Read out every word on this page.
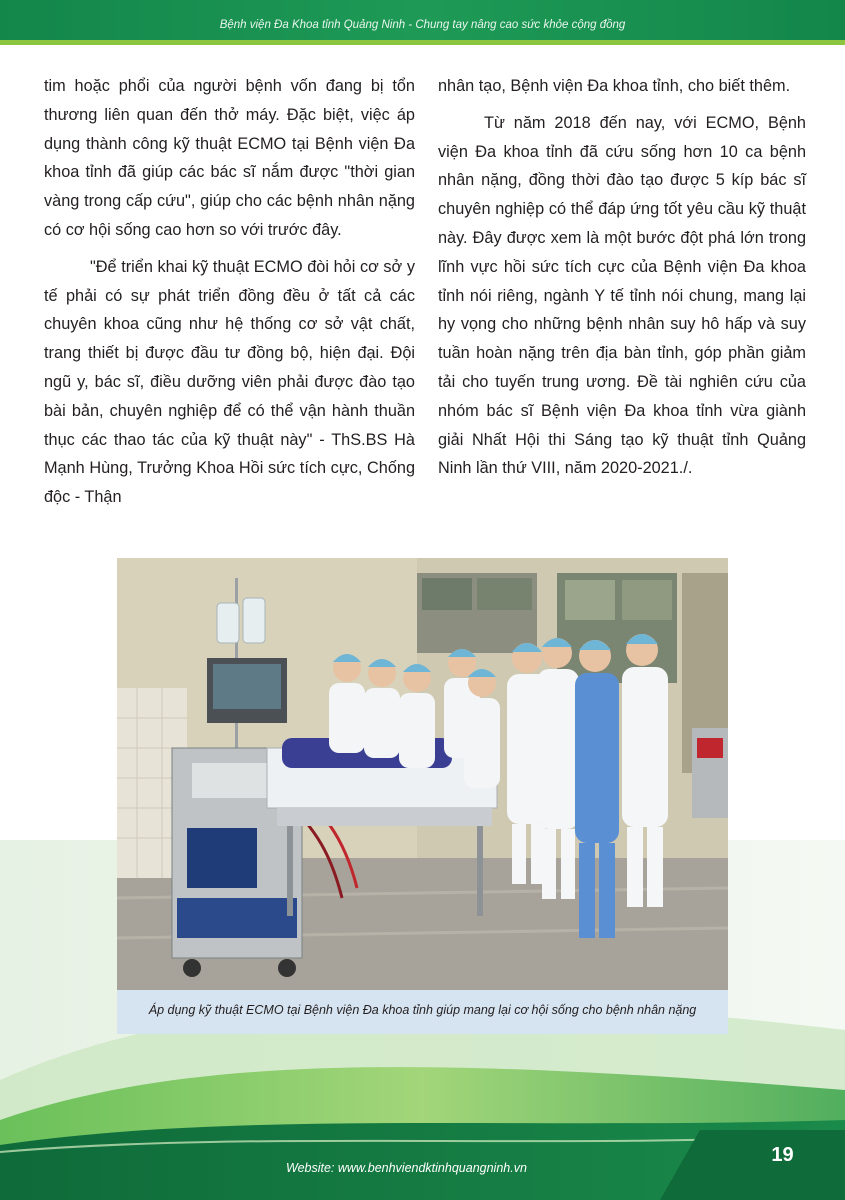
Bệnh viện Đa Khoa tỉnh Quảng Ninh - Chung tay nâng cao sức khỏe cộng đồng

tim hoặc phổi của người bệnh vốn đang bị tổn thương liên quan đến thở máy. Đặc biệt, việc áp dụng thành công kỹ thuật ECMO tại Bệnh viện Đa khoa tỉnh đã giúp các bác sĩ nắm được "thời gian vàng trong cấp cứu", giúp cho các bệnh nhân nặng có cơ hội sống cao hơn so với trước đây.

"Để triển khai kỹ thuật ECMO đòi hỏi cơ sở y tế phải có sự phát triển đồng đều ở tất cả các chuyên khoa cũng như hệ thống cơ sở vật chất, trang thiết bị được đầu tư đồng bộ, hiện đại. Đội ngũ y, bác sĩ, điều dưỡng viên phải được đào tạo bài bản, chuyên nghiệp để có thể vận hành thuần thục các thao tác của kỹ thuật này" - ThS.BS Hà Mạnh Hùng, Trưởng Khoa Hồi sức tích cực, Chống độc - Thận

nhân tạo, Bệnh viện Đa khoa tỉnh, cho biết thêm.

Từ năm 2018 đến nay, với ECMO, Bệnh viện Đa khoa tỉnh đã cứu sống hơn 10 ca bệnh nhân nặng, đồng thời đào tạo được 5 kíp bác sĩ chuyên nghiệp có thể đáp ứng tốt yêu cầu kỹ thuật này. Đây được xem là một bước đột phá lớn trong lĩnh vực hồi sức tích cực của Bệnh viện Đa khoa tỉnh nói riêng, ngành Y tế tỉnh nói chung, mang lại hy vọng cho những bệnh nhân suy hô hấp và suy tuần hoàn nặng trên địa bàn tỉnh, góp phần giảm tải cho tuyến trung ương. Đề tài nghiên cứu của nhóm bác sĩ Bệnh viện Đa khoa tỉnh vừa giành giải Nhất Hội thi Sáng tạo kỹ thuật tỉnh Quảng Ninh lần thứ VIII, năm 2020-2021./.

Áp dụng kỹ thuật ECMO tại Bệnh viện Đa khoa tỉnh giúp mang lại cơ hội sống cho bệnh nhân nặng
19
Website: www.benhviendktinhquangninh.vn
